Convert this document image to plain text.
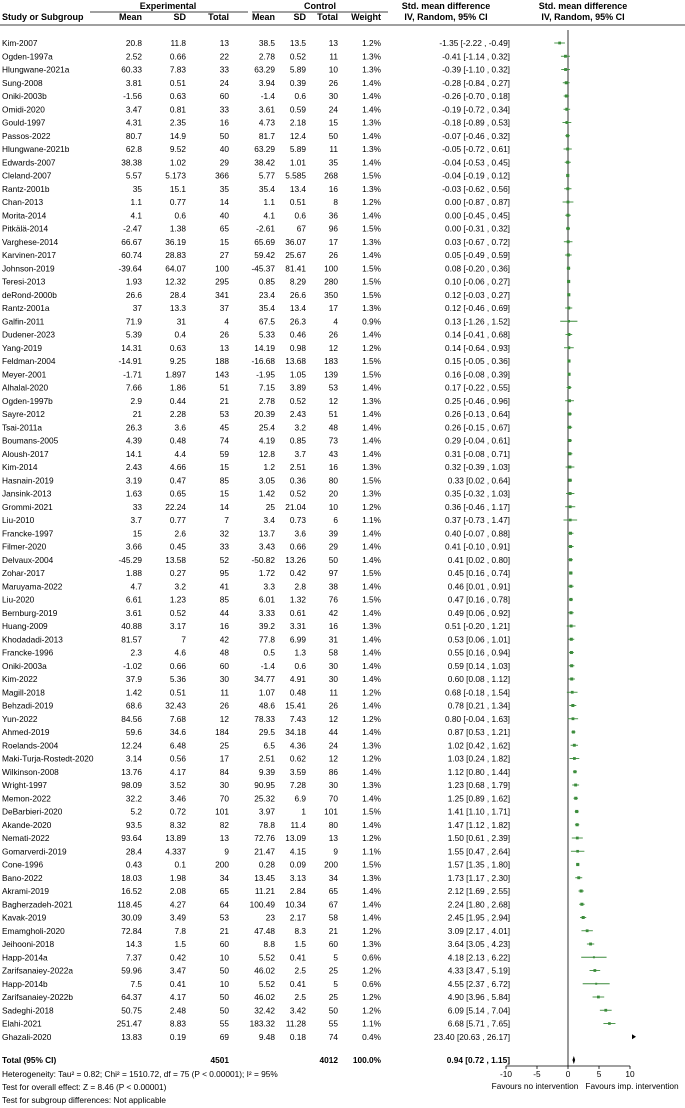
Study or Subgroup
Experimental	Control
Mean	SD Total	Mean SD Total Weight
Std. mean difference
IV, Random, 95% CI
Std. mean difference
IV, Random, 95% CI
Kim-2007	20.8	11.8	13	38.5 13.5	13	1.2%	-1.35 [-2.22 , -0.49]
Ogden-1997a	2.52	0.66	22	2.78 0.52	11	1.3%	-0.41 [-1.14 , 0.32]
Hlungwane-2021a	60.33	7.83	33	63.29 5.89	10	1.3%	-0.39 [-1.10 , 0.32]
Sung-2008	3.81	0.51	24	3.94 0.39	26	1.4%	-0.28 [-0.84 , 0.27]
Oniki-2003b	-1.56	0.63	60	-1.4 0.6	30	1.4%	-0.26 [-0.70 , 0.18]
Omidi-2020	3.47	0.81	33	3.61 0.59	24	1.4%	-0.19 [-0.72 , 0.34]
Gould-1997	4.31	2.35	16	4.73 2.18	15	1.3%	-0.18 [-0.89 , 0.53]
Passos-2022	80.7	14.9	50	81.7 12.4	50	1.4%	-0.07 [-0.46 , 0.32]
Hlungwane-2021b	62.8	9.52	40	63.29 5.89	11	1.3%	-0.05 [-0.72 , 0.61]
Edwards-2007	38.38	1.02	29	38.42 1.01	35	1.4%	-0.04 [-0.53 , 0.45]
Cleland-2007	5.57	5.173	366	5.77 5.585 268	1.5%	-0.04 [-0.19 , 0.12]
Rantz-2001b	35	15.1	35	35.4 13.4	16	1.3%	-0.03 [-0.62 , 0.56]
Chan-2013	1.1	0.77	14	1.1 0.51	8	1.2%	0.00 [-0.87 , 0.87]
Morita-2014	4.1	0.6	40	4.1 0.6	36	1.4%	0.00 [-0.45 , 0.45]
Pitkälä-2014	-2.47	1.38	65	-2.61	67	96	1.5%	0.00 [-0.31 , 0.32]
Varghese-2014	66.67	36.19	15	65.69 36.07	17	1.3%	0.03 [-0.67 , 0.72]
Karvinen-2017	60.74	28.83	27	59.42 25.67	26	1.4%	0.05 [-0.49 , 0.59]
Johnson-2019	-39.64	64.07	100	-45.37 81.41 100	1.5%	0.08 [-0.20 , 0.36]
Teresi-2013	1.93	12.32	295	0.85 8.29 280	1.5%	0.10 [-0.06 , 0.27]
deRond-2000b	26.6	28.4	341	23.4 26.6 350	1.5%	0.12 [-0.03 , 0.27]
Rantz-2001a	37	13.3	37	35.4 13.4	17	1.3%	0.12 [-0.46 , 0.69]
Galfin-2011	71.9	31	4	67.5 26.3	4	0.9%	0.13 [-1.26 , 1.52]
Dudener-2023	5.39	0.4	26	5.33 0.46	26	1.4%	0.14 [-0.41 , 0.68]
Yang-2019	14.31	0.63	13	14.19 0.98	12	1.2%	0.14 [-0.64 , 0.93]
Feldman-2004	-14.91	9.25	188	-16.68 13.68 183	1.5%	0.15 [-0.05 , 0.36]
Meyer-2001	-1.71	1.897	143	-1.95 1.05 139	1.5%	0.16 [-0.08 , 0.39]
Alhalal-2020	7.66	1.86	51	7.15 3.89	53	1.4%	0.17 [-0.22 , 0.55]
Ogden-1997b	2.9	0.44	21	2.78 0.52	12	1.3%	0.25 [-0.46 , 0.96]
Sayre-2012	21	2.28	53	20.39 2.43	51	1.4%	0.26 [-0.13 , 0.64]
Tsai-2011a	26.3	3.6	45	25.4 3.2	48	1.4%	0.26 [-0.15 , 0.67]
Boumans-2005	4.39	0.48	74	4.19 0.85	73	1.4%	0.29 [-0.04 , 0.61]
Aloush-2017	14.1	4.4	59	12.8 3.7	43	1.4%	0.31 [-0.08 , 0.71]
Kim-2014	2.43	4.66	15	1.2 2.51	16	1.3%	0.32 [-0.39 , 1.03]
Hasnain-2019	3.19	0.47	85	3.05 0.36	80	1.5%	0.33 [0.02 , 0.64]
Jansink-2013	1.63	0.65	15	1.42 0.52	20	1.3%	0.35 [-0.32 , 1.03]
Grommi-2021	33	22.24	14	25 21.04	10	1.2%	0.36 [-0.46 , 1.17]
Liu-2010	3.7	0.77	7	3.4 0.73	6	1.1%	0.37 [-0.73 , 1.47]
Francke-1997	15	2.6	32	13.7 3.6	39	1.4%	0.40 [-0.07 , 0.88]
Filmer-2020	3.66	0.45	33	3.43 0.66	29	1.4%	0.41 [-0.10 , 0.91]
Delvaux-2004	-45.29	13.58	52	-50.82 13.26	50	1.4%	0.41 [0.02 , 0.80]
Zohar-2017	1.88	0.27	95	1.72 0.42	97	1.5%	0.45 [0.16 , 0.74]
Maruyama-2022	4.7	3.2	41	3.3 2.8	38	1.4%	0.46 [0.01 , 0.91]
Liu-2020	6.61	1.23	85	6.01 1.32	76	1.5%	0.47 [0.16 , 0.78]
Bernburg-2019	3.61	0.52	44	3.33 0.61	42	1.4%	0.49 [0.06 , 0.92]
Huang-2009	40.88	3.17	16	39.2 3.31	16	1.3%	0.51 [-0.20 , 1.21]
Khodadadi-2013	81.57	7	42	77.8 6.99	31	1.4%	0.53 [0.06 , 1.01]
Francke-1996	2.3	4.6	48	0.5 1.3	58	1.4%	0.55 [0.16 , 0.94]
Oniki-2003a	-1.02	0.66	60	-1.4 0.6	30	1.4%	0.59 [0.14 , 1.03]
Kim-2022	37.9	5.36	30	34.77 4.91	30	1.4%	0.60 [0.08 , 1.12]
Magill-2018	1.42	0.51	11	1.07 0.48	11	1.2%	0.68 [-0.18 , 1.54]
Behzadi-2019	68.6	32.43	26	48.6 15.41	26	1.4%	0.78 [0.21 , 1.34]
Yun-2022	84.56	7.68	12	78.33 7.43	12	1.2%	0.80 [-0.04 , 1.63]
Ahmed-2019	59.6	34.6	184	29.5 34.18	44	1.4%	0.87 [0.53 , 1.21]
Roelands-2004	12.24	6.48	25	6.5 4.36	24	1.3%	1.02 [0.42 , 1.62]
Maki-Turja-Rostedt-2020	3.14	0.56	17	2.51 0.62	12	1.2%	1.03 [0.24 , 1.82]
Wilkinson-2008	13.76	4.17	84	9.39 3.59	86	1.4%	1.12 [0.80 , 1.44]
Wright-1997	98.09	3.52	30	90.95 7.28	30	1.3%	1.23 [0.68 , 1.79]
Memon-2022	32.2	3.46	70	25.32 6.9	70	1.4%	1.25 [0.89 , 1.62]
DeBarbieri-2020	5.2	0.72	101	3.97	1 101	1.5%	1.41 [1.10 , 1.71]
Akande-2020	93.5	8.32	82	78.8 11.4	80	1.4%	1.47 [1.12 , 1.82]
Nemati-2022	93.64	13.89	13	72.76 13.09	13	1.2%	1.50 [0.61 , 2.39]
Gomarverdi-2019	28.4	4.337	9	21.47 4.15	9	1.1%	1.55 [0.47 , 2.64]
Cone-1996	0.43	0.1	200	0.28 0.09 200	1.5%	1.57 [1.35 , 1.80]
Bano-2022	18.03	1.98	34	13.45 3.13	34	1.3%	1.73 [1.17 , 2.30]
Akrami-2019	16.52	2.08	65	11.21 2.84	65	1.4%	2.12 [1.69 , 2.55]
Bagherzadeh-2021	118.45	4.27	64 100.49 10.34	67	1.4%	2.24 [1.80 , 2.68]
Kavak-2019	30.09	3.49	53	23 2.17	58	1.4%	2.45 [1.95 , 2.94]
Emamgholi-2020	72.84	7.8	21	47.48 8.3	21	1.2%	3.09 [2.17 , 4.01]
Jeihooni-2018	14.3	1.5	60	8.8 1.5	60	1.3%	3.64 [3.05 , 4.23]
Happ-2014a	7.37	0.42	10	5.52 0.41	5	0.6%	4.18 [2.13 , 6.22]
Zarifsanaiey-2022a	59.96	3.47	50	46.02 2.5	25	1.2%	4.33 [3.47 , 5.19]
Happ-2014b	7.5	0.41	10	5.52 0.41	5	0.6%	4.55 [2.37 , 6.72]
Zarifsanaiey-2022b	64.37	4.17	50	46.02 2.5	25	1.2%	4.90 [3.96 , 5.84]
Sadeghi-2018	50.75	2.48	50	32.42 3.42	50	1.2%	6.09 [5.14 , 7.04]
Elahi-2021	251.47	8.83	55 183.32 11.28	55	1.1%	6.68 [5.71 , 7.65]
Ghazali-2020	13.83	0.19	69	9.48 0.18	74	0.4%	23.40 [20.63 , 26.17]
-10	-5	0	5	10
Favours no intervention Favours imp. intervention
Total (95% CI)	4501	4012 100.0%	0.94 [0.72 , 1.15]
Heterogeneity: Tau² = 0.82; Chi² = 1510.72, df = 75 (P < 0.00001); I² = 95%
Test for overall effect: Z = 8.46 (P < 0.00001)
Test for subgroup differences: Not applicable
